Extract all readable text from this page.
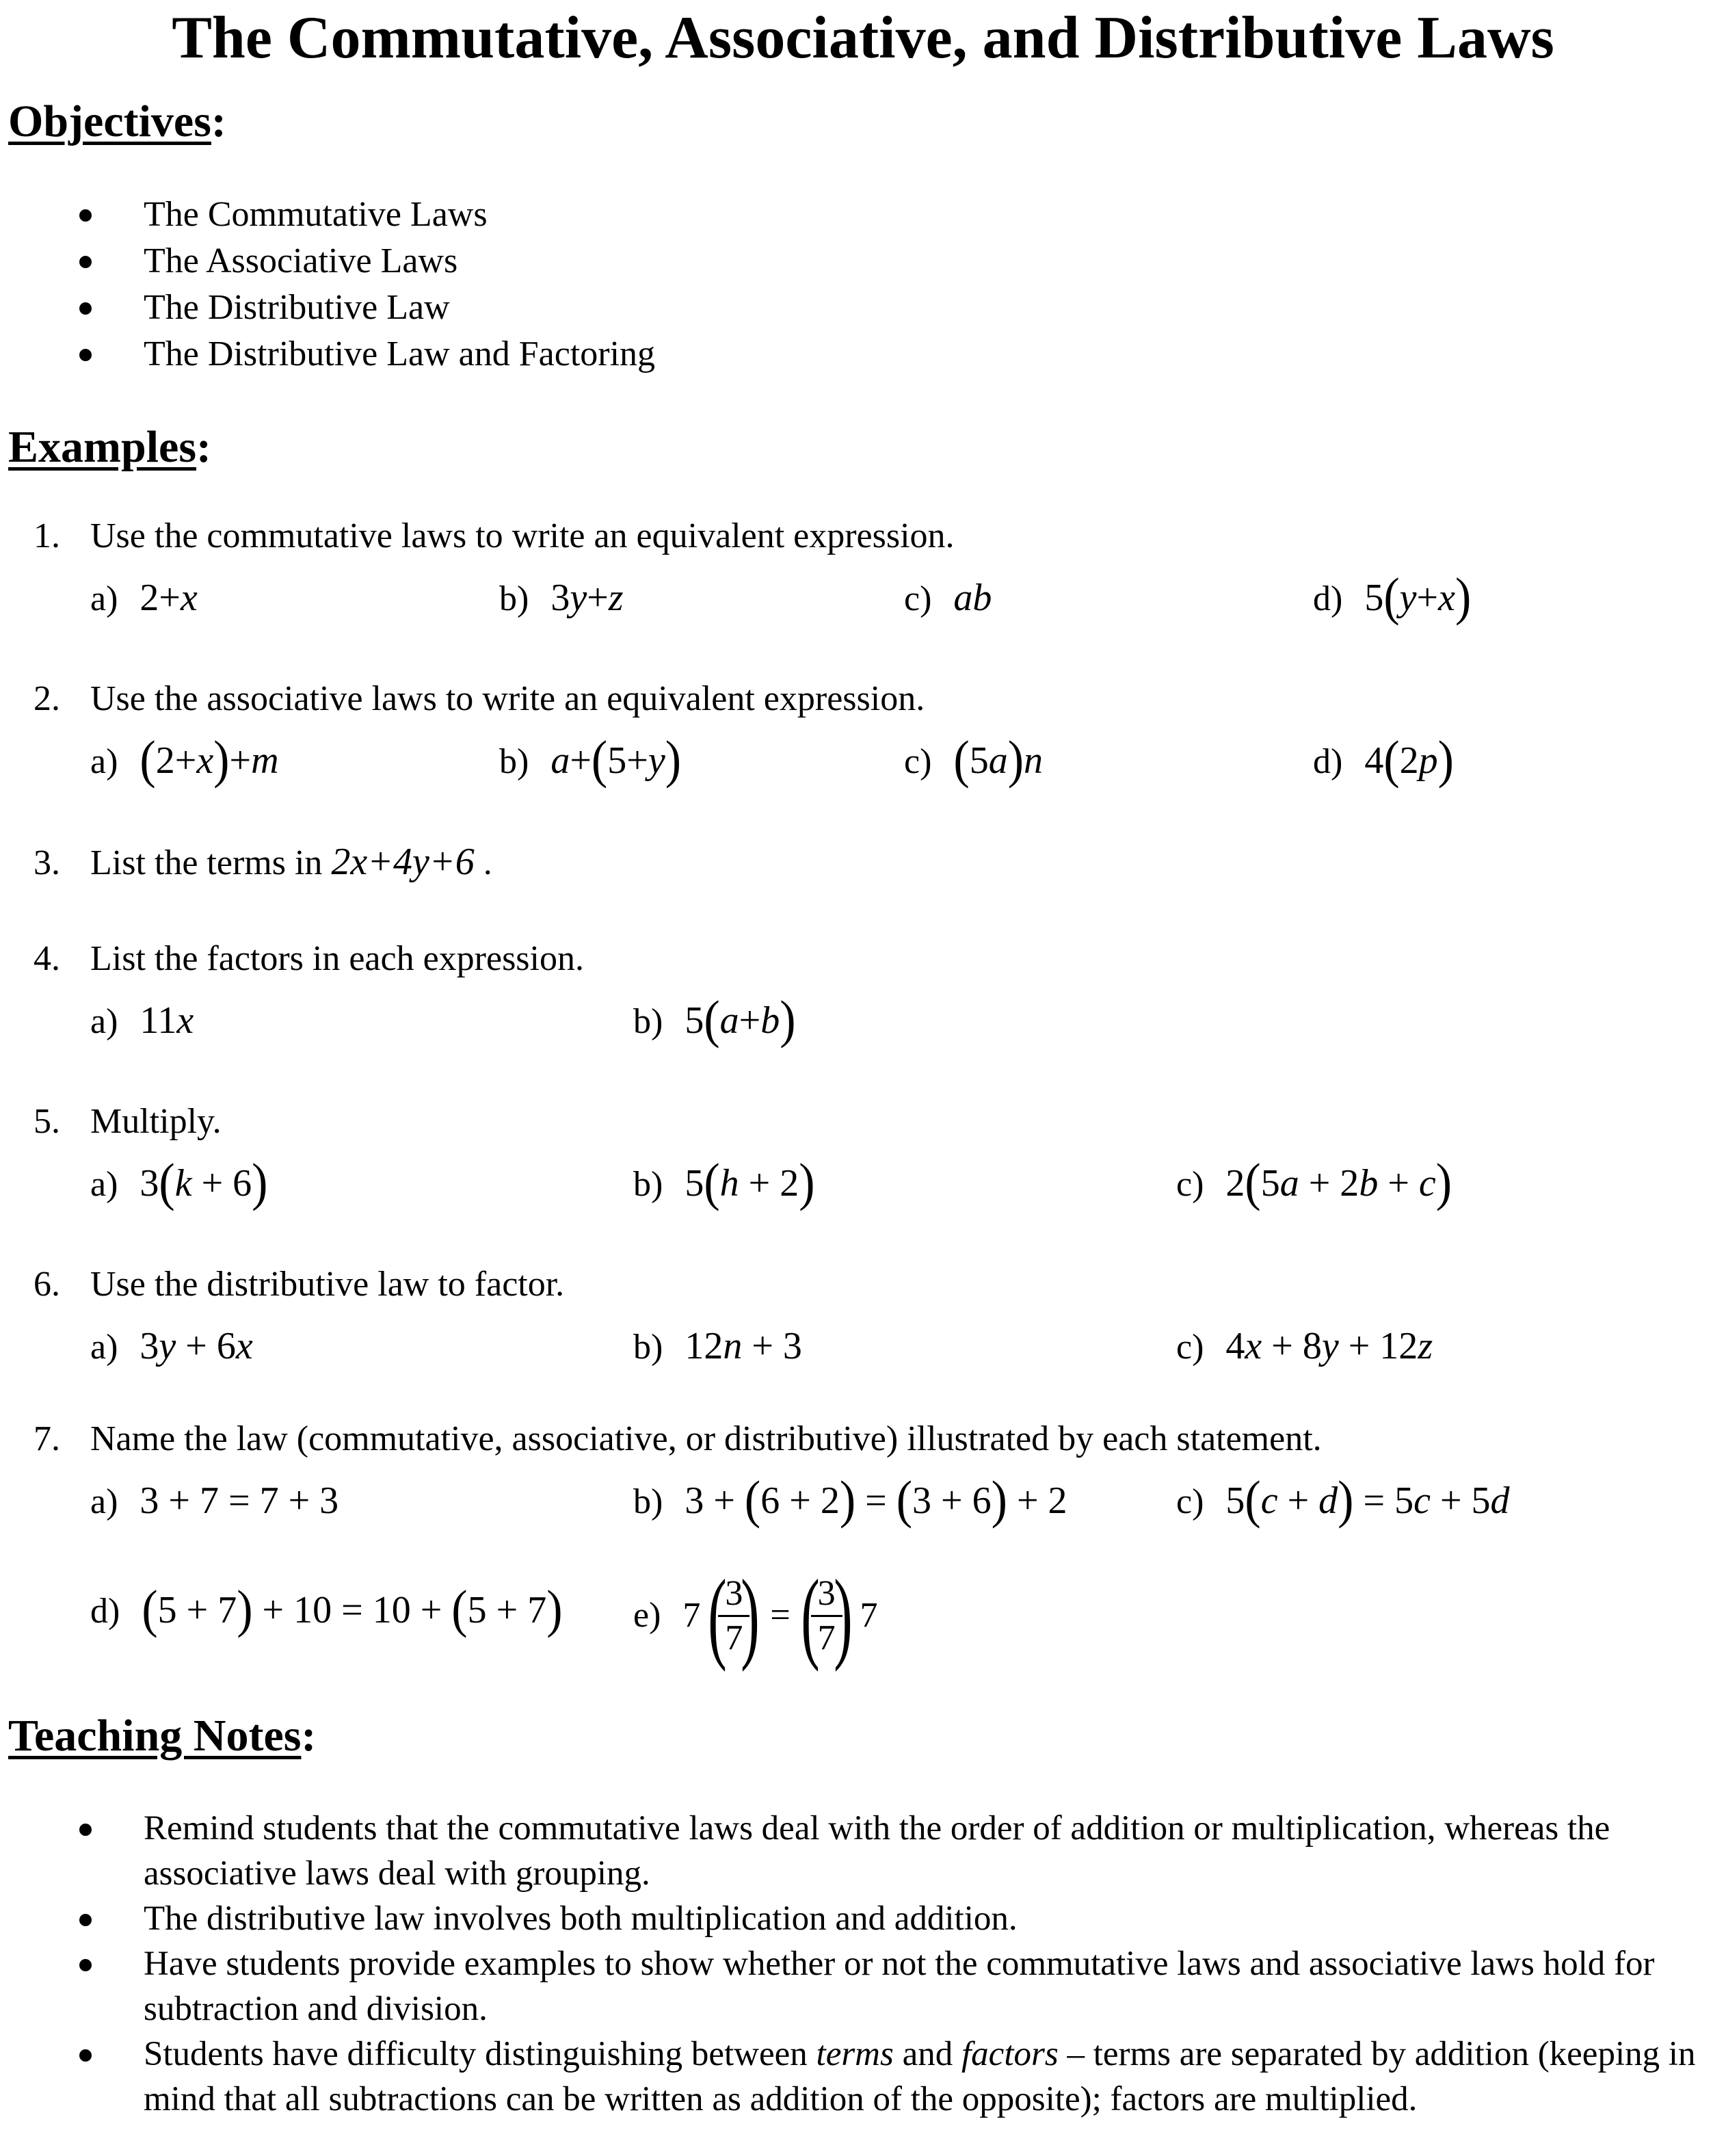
The Commutative, Associative, and Distributive Laws
Objectives:
The Commutative Laws
The Associative Laws
The Distributive Law
The Distributive Law and Factoring
Examples:
1. Use the commutative laws to write an equivalent expression.
a) 2+x	b) 3y+z	c) ab	d) 5(y+x)
2. Use the associative laws to write an equivalent expression.
a) (2+x)+m	b) a+(5+y)	c) (5a)n	d) 4(2p)
3. List the terms in 2x+4y+6 .
4. List the factors in each expression.
a) 11x	b) 5(a+b)
5. Multiply.
a) 3(k + 6)	b) 5(h + 2)	c) 2(5a + 2b + c)
6. Use the distributive law to factor.
a) 3y + 6x	b) 12n + 3	c) 4x + 8y + 12z
7. Name the law (commutative, associative, or distributive) illustrated by each statement.
a) 3 + 7 = 7 + 3	b) 3 + (6 + 2) = (3 + 6) + 2	c) 5(c + d) = 5c + 5d
d) (5 + 7) + 10 = 10 + (5 + 7) e) 7 (
$\frac{3}{7}$
) = (
$\frac{3}{7}$
) 7
Teaching Notes:
Remind students that the commutative laws deal with the order of addition or multiplication, whereas the associative laws deal with grouping.
The distributive law involves both multiplication and addition.
Have students provide examples to show whether or not the commutative laws and associative laws hold for subtraction and division.
Students have difficulty distinguishing between terms and factors – terms are separated by addition (keeping in mind that all subtractions can be written as addition of the opposite); factors are multiplied.
